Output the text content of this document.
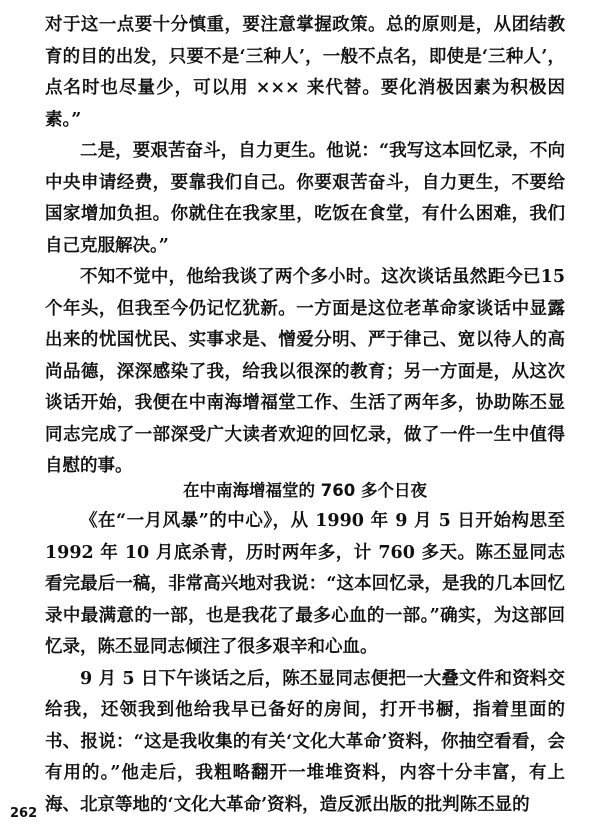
对于这一点要十分慎重，要注意掌握政策。总的原则是，从团结教育的目的出发，只要不是‘三种人’，一般不点名，即使是‘三种人’，点名时也尽量少，可以用 ××× 来代替。要化消极因素为积极因素。”

二是，要艰苦奋斗，自力更生。他说：“我写这本回忆录，不向中央申请经费，要靠我们自己。你要艰苦奋斗，自力更生，不要给国家增加负担。你就住在我家里，吃饭在食堂，有什么困难，我们自己克服解决。”

不知不觉中，他给我谈了两个多小时。这次谈话虽然距今已15个年头，但我至今仍记忆犹新。一方面是这位老革命家谈话中显露出来的忧国忧民、实事求是、憎爱分明、严于律己、宽以待人的高尚品德，深深感染了我，给我以很深的教育；另一方面是，从这次谈话开始，我便在中南海增福堂工作、生活了两年多，协助陈丕显同志完成了一部深受广大读者欢迎的回忆录，做了一件一生中值得自慰的事。

在中南海增福堂的 760 多个日夜

《在“一月风暴”的中心》，从 1990 年 9 月 5 日开始构思至 1992 年 10 月底杀青，历时两年多，计 760 多天。陈丕显同志看完最后一稿，非常高兴地对我说：“这本回忆录，是我的几本回忆录中最满意的一部，也是我花了最多心血的一部。”确实，为这部回忆录，陈丕显同志倾注了很多艰辛和心血。

9 月 5 日下午谈话之后，陈丕显同志便把一大叠文件和资料交给我，还领我到他给我早已备好的房间，打开书橱，指着里面的书、报说：“这是我收集的有关‘文化大革命’资料，你抽空看看，会有用的。”他走后，我粗略翻开一堆堆资料，内容十分丰富，有上海、北京等地的‘文化大革命’资料，造反派出版的批判陈丕显的

262
